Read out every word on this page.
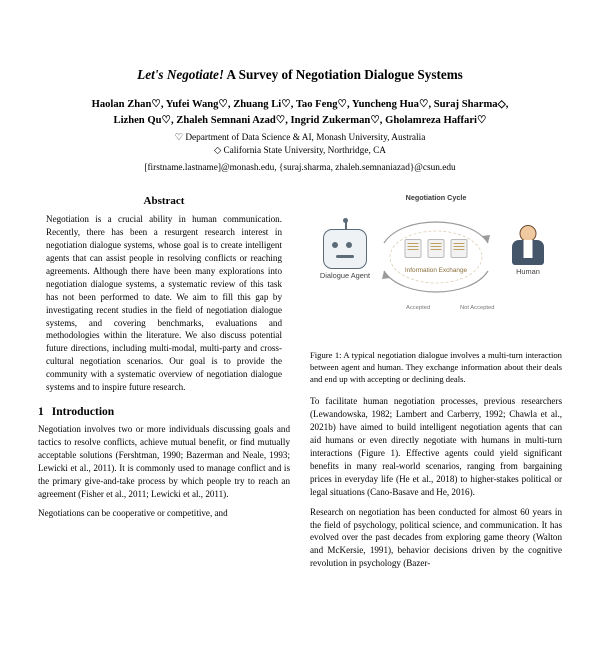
Let's Negotiate! A Survey of Negotiation Dialogue Systems
Haolan Zhan♡, Yufei Wang♡, Zhuang Li♡, Tao Feng♡, Yuncheng Hua♡, Suraj Sharma◇,
Lizhen Qu♡, Zhaleh Semnani Azad♡, Ingrid Zukerman♡, Gholamreza Haffari♡
♡ Department of Data Science & AI, Monash University, Australia
◇ California State University, Northridge, CA
[firstname.lastname]@monash.edu, {suraj.sharma, zhaleh.semnaniazad}@csun.edu
Abstract

Negotiation is a crucial ability in human communication. Recently, there has been a resurgent research interest in negotiation dialogue systems, whose goal is to create intelligent agents that can assist people in resolving conflicts or reaching agreements. Although there have been many explorations into negotiation dialogue systems, a systematic review of this task has not been performed to date. We aim to fill this gap by investigating recent studies in the field of negotiation dialogue systems, and covering benchmarks, evaluations and methodologies within the literature. We also discuss potential future directions, including multi-modal, multi-party and cross-cultural negotiation scenarios. Our goal is to provide the community with a systematic overview of negotiation dialogue systems and to inspire future research.

1 Introduction

Negotiation involves two or more individuals discussing goals and tactics to resolve conflicts, achieve mutual benefit, or find mutually acceptable solutions (Fershtman, 1990; Bazerman and Neale, 1993; Lewicki et al., 2011). It is commonly used to manage conflict and is the primary give-and-take process by which people try to reach an agreement (Fisher et al., 2011; Lewicki et al., 2011).

Negotiations can be cooperative or competitive, and

Negotiation Cycle
Information Exchange
Accepted	Not Accepted
Dialogue Agent	Human

Figure 1: A typical negotiation dialogue involves a multi-turn interaction between agent and human. They exchange information about their deals and end up with accepting or declining deals.

To facilitate human negotiation processes, previous researchers (Lewandowska, 1982; Lambert and Carberry, 1992; Chawla et al., 2021b) have aimed to build intelligent negotiation agents that can aid humans or even directly negotiate with humans in multi-turn interactions (Figure 1). Effective agents could yield significant benefits in many real-world scenarios, ranging from bargaining prices in everyday life (He et al., 2018) to higher-stakes political or legal situations (Cano-Basave and He, 2016).

Research on negotiation has been conducted for almost 60 years in the field of psychology, political science, and communication. It has evolved over the past decades from exploring game theory (Walton and McKersie, 1991), behavior decisions driven by the cognitive revolution in psychology (Bazer-
